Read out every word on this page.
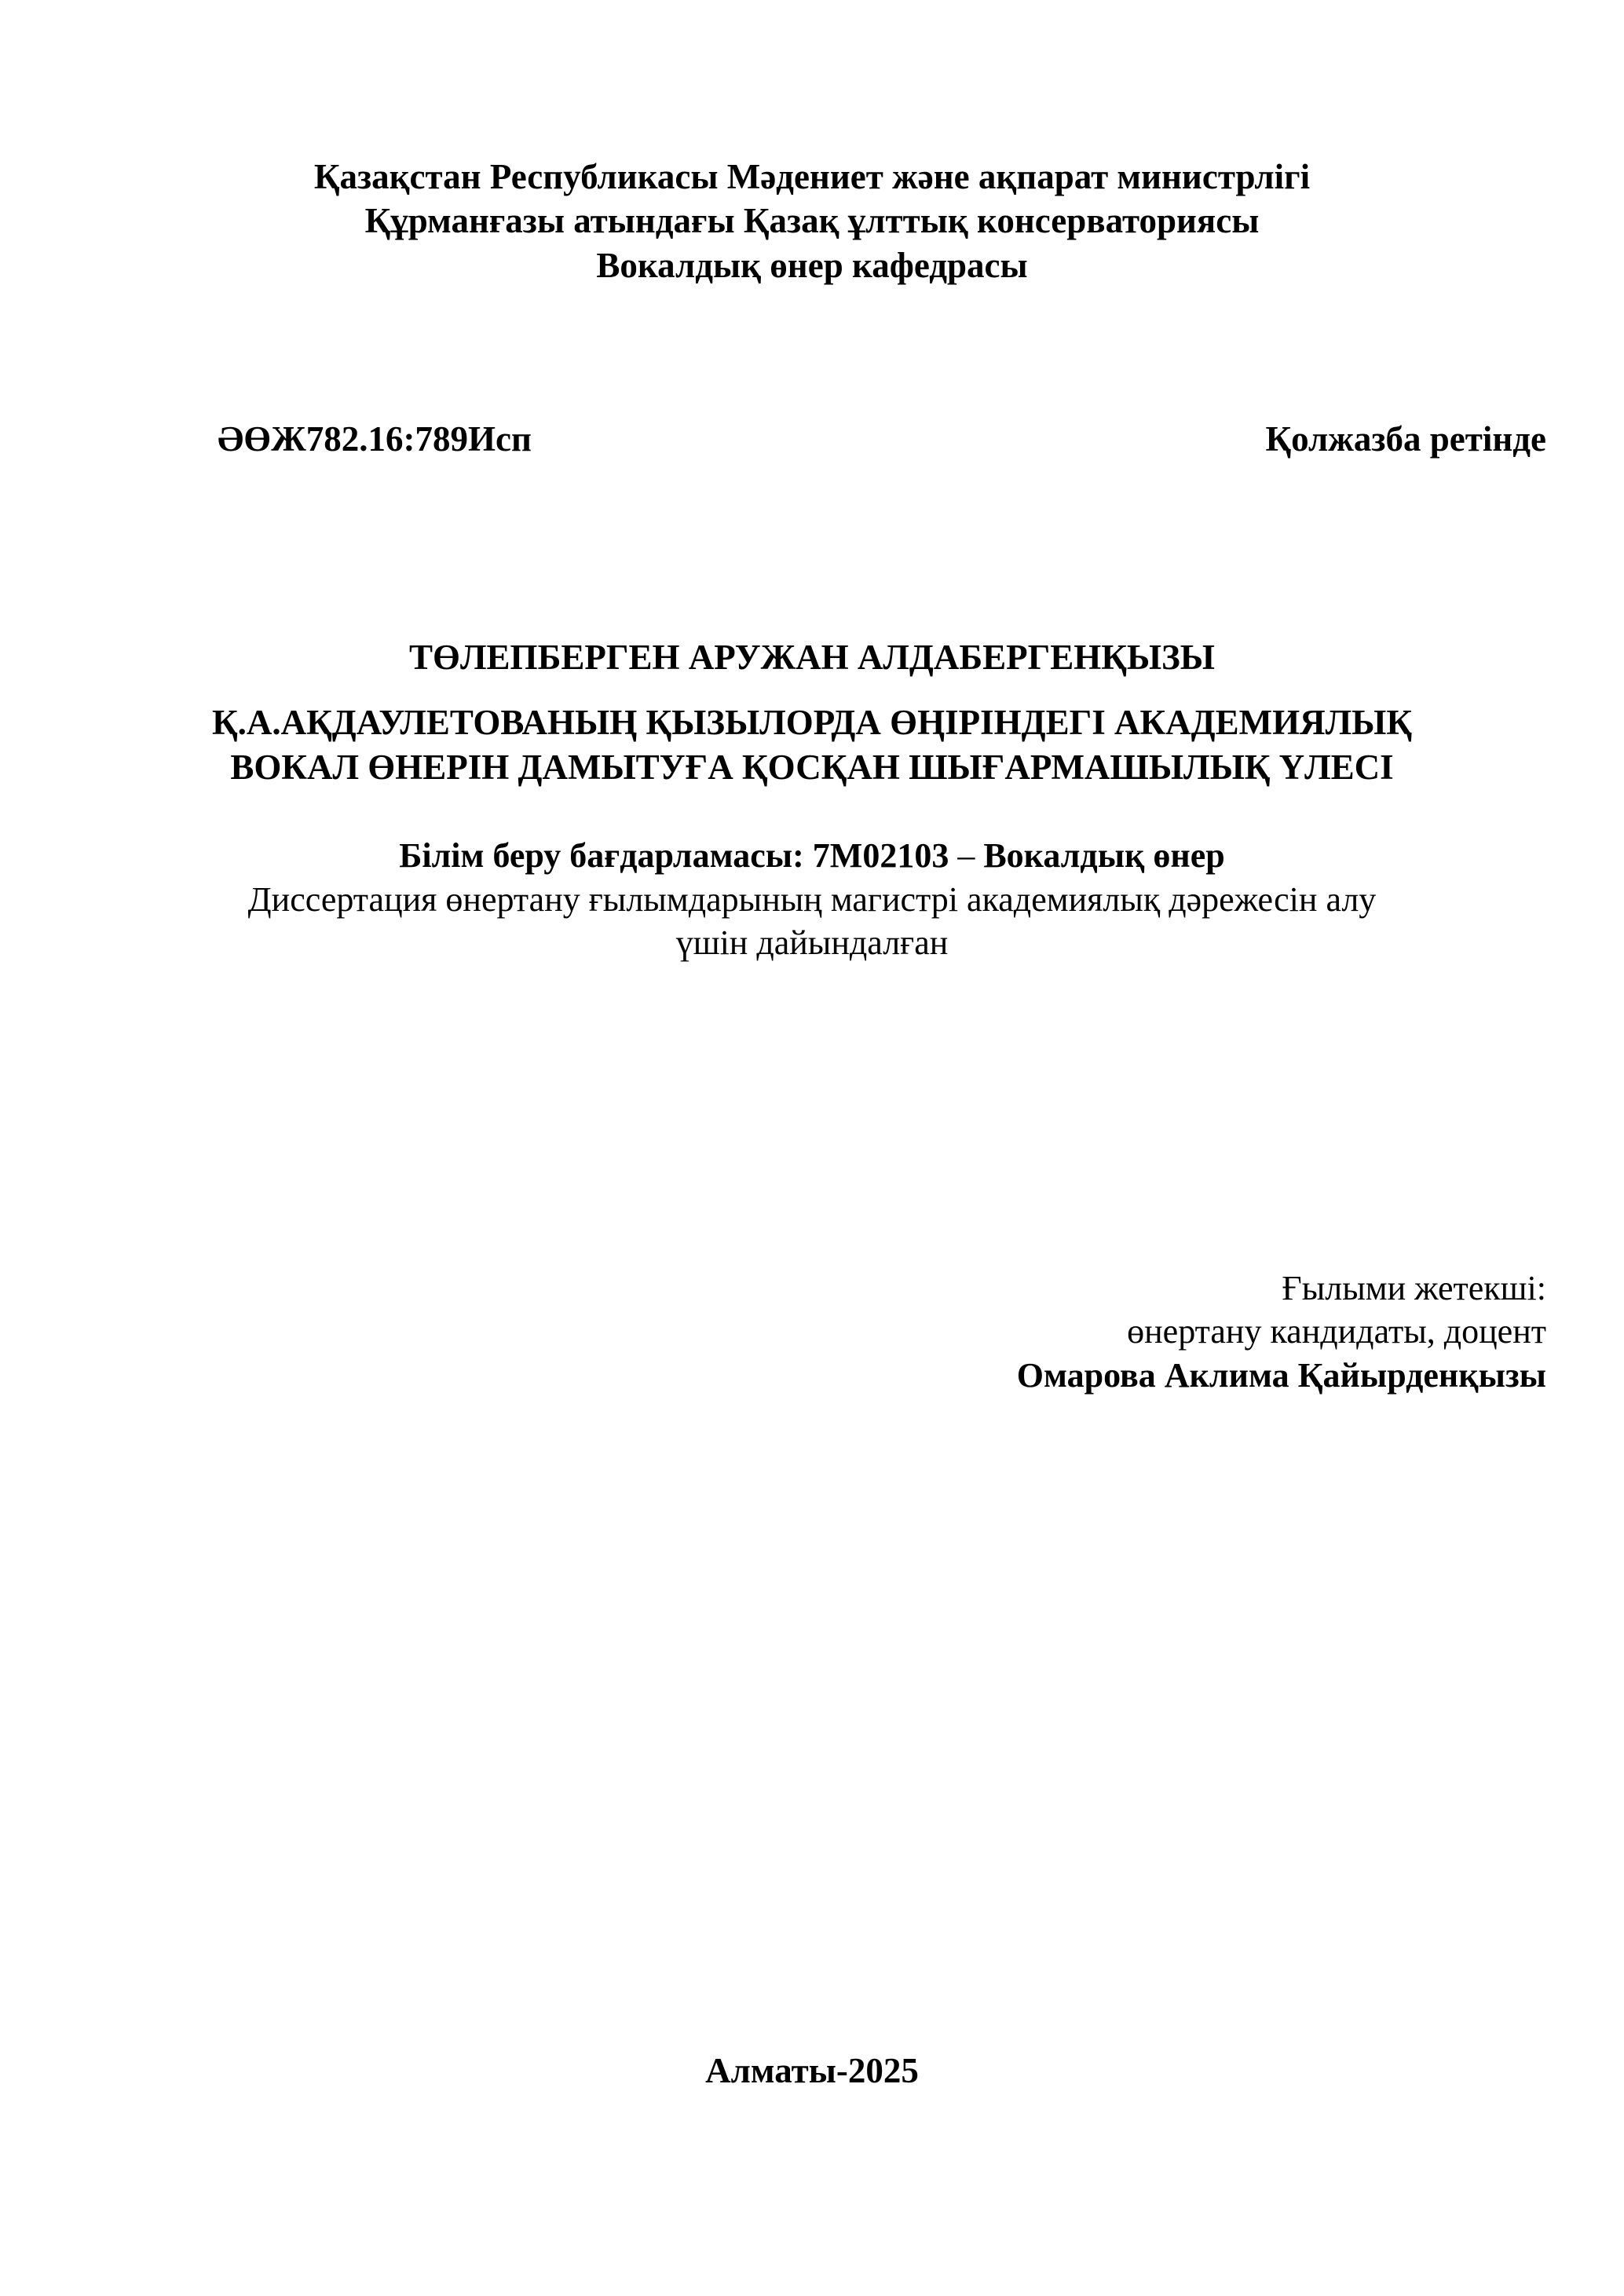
Қазақстан Республикасы Мәдениет және ақпарат министрлігі
Құрманғазы атындағы Қазақ ұлттық консерваториясы
Вокалдық өнер кафедрасы
ӘӨЖ782.16:789Исп	Қолжазба ретінде
ТӨЛЕПБЕРГЕН АРУЖАН АЛДАБЕРГЕНҚЫЗЫ
Қ.А.АҚДАУЛЕТОВАНЫҢ ҚЫЗЫЛОРДА ӨҢІРІНДЕГІ АКАДЕМИЯЛЫҚ
ВОКАЛ ӨНЕРІН ДАМЫТУҒА ҚОСҚАН ШЫҒАРМАШЫЛЫҚ ҮЛЕСІ
Білім беру бағдарламасы: 7М02103 – Вокалдық өнер
Диссертация өнертану ғылымдарының магистрі академиялық дәрежесін алу
үшін дайындалған
Ғылыми жетекші:
өнертану кандидаты, доцент
Омарова Аклима Қайырденқызы
Алматы-2025
